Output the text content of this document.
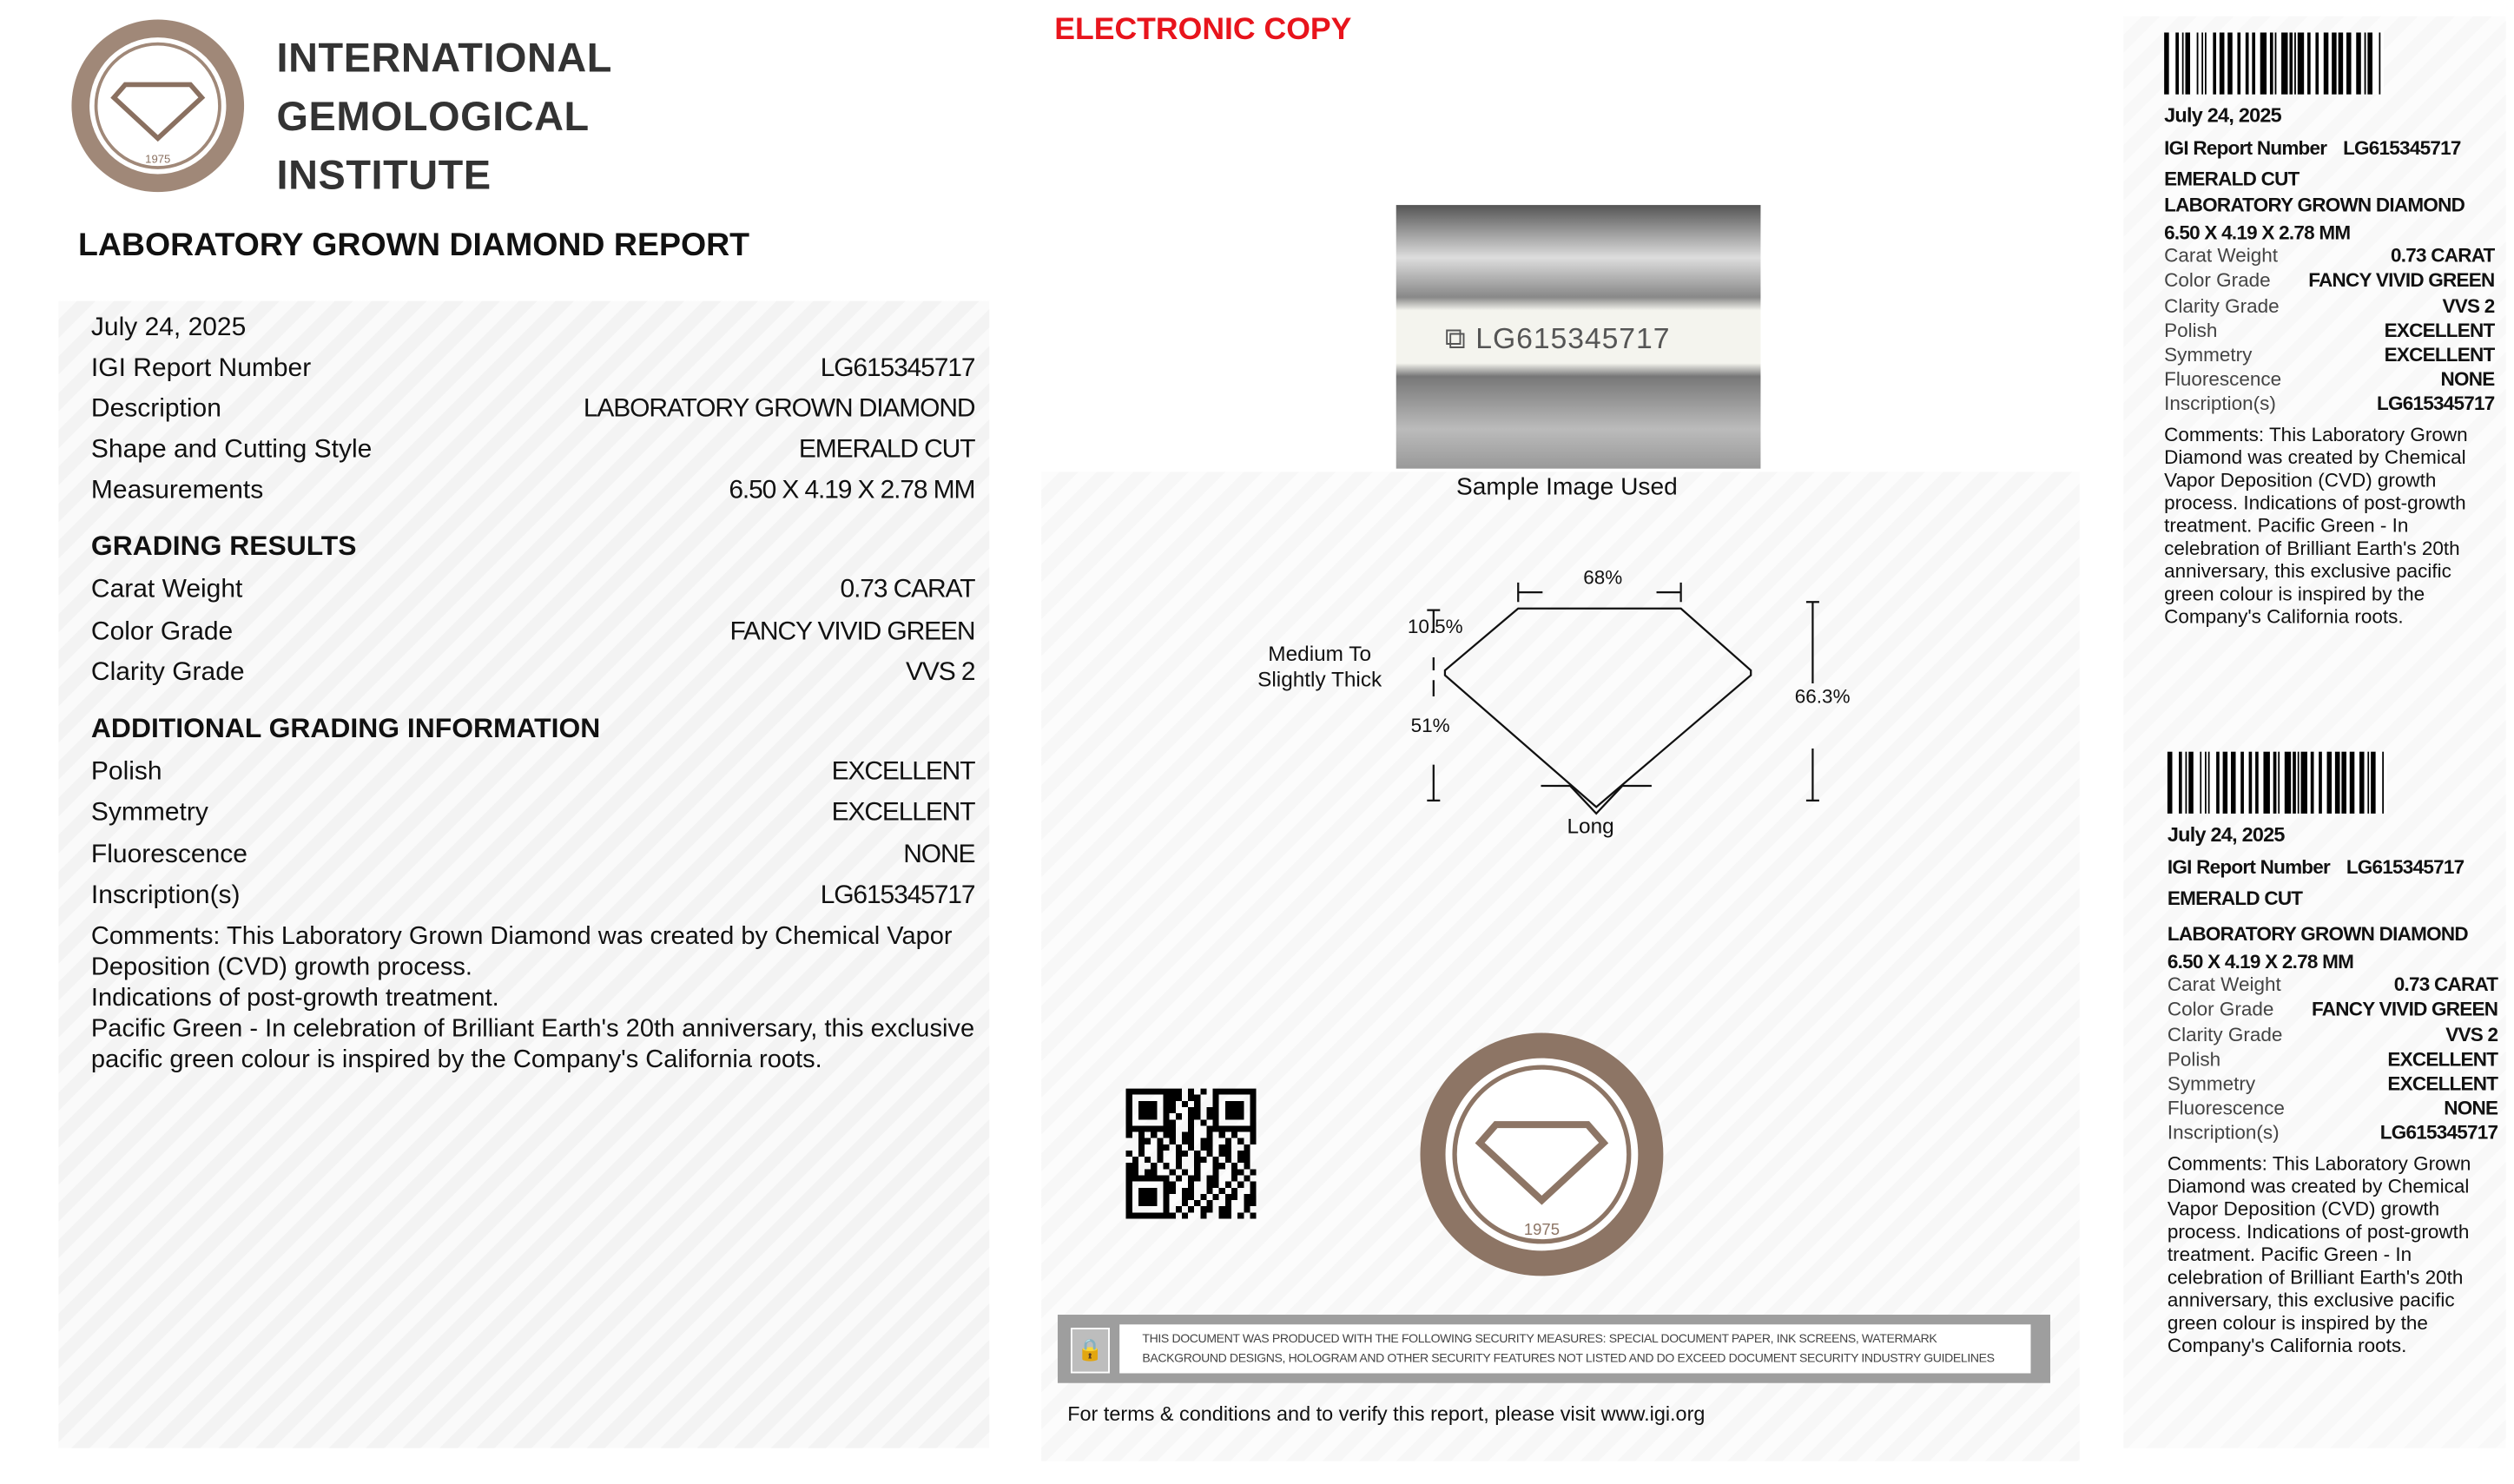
1975
INTERNATIONAL
GEMOLOGICAL
INSTITUTE
ELECTRONIC COPY
LABORATORY GROWN DIAMOND REPORT
July 24, 2025
IGI Report Number	LG615345717
Description	LABORATORY GROWN DIAMOND
Shape and Cutting Style	EMERALD CUT
Measurements	6.50 X 4.19 X 2.78 MM
Carat Weight	0.73 CARAT
Color Grade	FANCY VIVID GREEN
Clarity Grade	VVS 2
Polish	EXCELLENT
Symmetry	EXCELLENT
Fluorescence	NONE
Inscription(s)	LG615345717
GRADING RESULTS
ADDITIONAL GRADING INFORMATION
Comments: This Laboratory Grown Diamond was created by Chemical Vapor Deposition (CVD) growth process.
Indications of post-growth treatment.
Pacific Green - In celebration of Brilliant Earth's 20th anniversary, this exclusive pacific green colour is inspired by the Company's California roots.
⧉ LG615345717
Sample Image Used
68%
10.5%
Medium To Slightly Thick
51%
66.3%
Long
1975
🔒	THIS DOCUMENT WAS PRODUCED WITH THE FOLLOWING SECURITY MEASURES: SPECIAL DOCUMENT PAPER, INK SCREENS, WATERMARK BACKGROUND DESIGNS, HOLOGRAM AND OTHER SECURITY FEATURES NOT LISTED AND DO EXCEED DOCUMENT SECURITY INDUSTRY GUIDELINES
For terms & conditions and to verify this report, please visit www.igi.org
July 24, 2025
IGI Report Number LG615345717
EMERALD CUT
LABORATORY GROWN DIAMOND
6.50 X 4.19 X 2.78 MM
Carat Weight	0.73 CARAT
Color Grade	FANCY VIVID GREEN
Clarity Grade	VVS 2
Polish	EXCELLENT
Symmetry	EXCELLENT
Fluorescence	NONE
Inscription(s)	LG615345717
Comments: This Laboratory Grown Diamond was created by Chemical Vapor Deposition (CVD) growth process. Indications of post-growth treatment. Pacific Green - In celebration of Brilliant Earth's 20th anniversary, this exclusive pacific green colour is inspired by the Company's California roots.
July 24, 2025
IGI Report Number LG615345717
EMERALD CUT
LABORATORY GROWN DIAMOND
6.50 X 4.19 X 2.78 MM
Carat Weight	0.73 CARAT
Color Grade	FANCY VIVID GREEN
Clarity Grade	VVS 2
Polish	EXCELLENT
Symmetry	EXCELLENT
Fluorescence	NONE
Inscription(s)	LG615345717
Comments: This Laboratory Grown Diamond was created by Chemical Vapor Deposition (CVD) growth process. Indications of post-growth treatment. Pacific Green - In celebration of Brilliant Earth's 20th anniversary, this exclusive pacific green colour is inspired by the Company's California roots.
